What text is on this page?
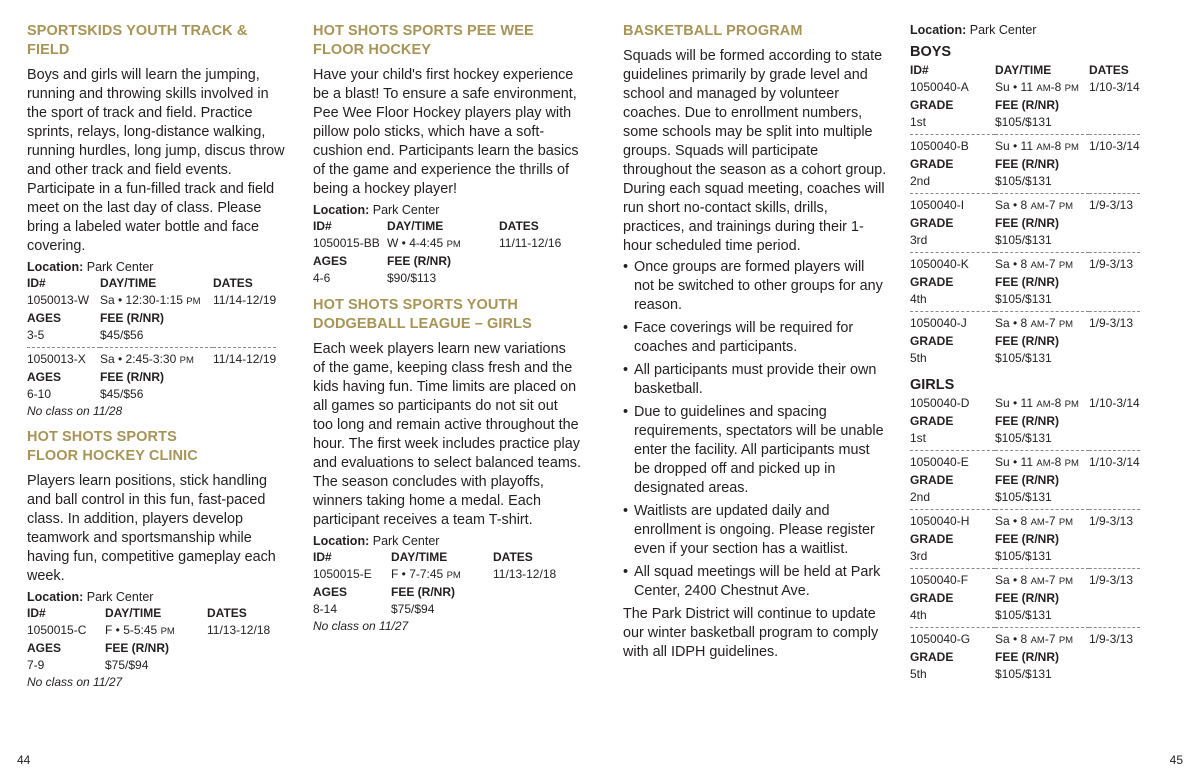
SPORTSKIDS YOUTH TRACK & FIELD

Boys and girls will learn the jumping, running and throwing skills involved in the sport of track and field. Practice sprints, relays, long-distance walking, running hurdles, long jump, discus throw and other track and field events. Participate in a fun-filled track and field meet on the last day of class. Please bring a labeled water bottle and face covering.

Location: Park Center
ID#	DAY/TIME	DATES
1050013-W	Sa • 12:30-1:15 PM	11/14-12/19
AGES	FEE (R/NR)	
3-5	$45/$56	

1050013-X	Sa • 2:45-3:30 PM	11/14-12/19
AGES	FEE (R/NR)	
6-10	$45/$56	
No class on 11/28
HOT SHOTS SPORTS
FLOOR HOCKEY CLINIC

Players learn positions, stick handling and ball control in this fun, fast-paced class. In addition, players develop teamwork and sportsmanship while having fun, competitive gameplay each week.

Location: Park Center
ID#	DAY/TIME	DATES
1050015-C	F • 5-5:45 PM	11/13-12/18
AGES	FEE (R/NR)	
7-9	$75/$94	
No class on 11/27
HOT SHOTS SPORTS PEE WEE
FLOOR HOCKEY

Have your child's first hockey experience be a blast! To ensure a safe environment, Pee Wee Floor Hockey players play with pillow polo sticks, which have a soft-cushion end. Participants learn the basics of the game and experience the thrills of being a hockey player!

Location: Park Center
ID#	DAY/TIME	DATES
1050015-BB	W • 4-4:45 PM	11/11-12/16
AGES	FEE (R/NR)	
4-6	$90/$113	
HOT SHOTS SPORTS YOUTH
DODGEBALL LEAGUE – GIRLS

Each week players learn new variations of the game, keeping class fresh and the kids having fun. Time limits are placed on all games so participants do not sit out too long and remain active throughout the hour. The first week includes practice play and evaluations to select balanced teams. The season concludes with playoffs, winners taking home a medal. Each participant receives a team T-shirt.

Location: Park Center
ID#	DAY/TIME	DATES
1050015-E	F • 7-7:45 PM	11/13-12/18
AGES	FEE (R/NR)	
8-14	$75/$94	
No class on 11/27
BASKETBALL PROGRAM

Squads will be formed according to state guidelines primarily by grade level and school and managed by volunteer coaches. Due to enrollment numbers, some schools may be split into multiple groups. Squads will participate throughout the season as a cohort group. During each squad meeting, coaches will run short no-contact skills, drills, practices, and trainings during their 1-hour scheduled time period.

• Once groups are formed players will not be switched to other groups for any reason.
• Face coverings will be required for coaches and participants.
• All participants must provide their own basketball.
• Due to guidelines and spacing requirements, spectators will be unable enter the facility. All participants must be dropped off and picked up in designated areas.
• Waitlists are updated daily and enrollment is ongoing. Please register even if your section has a waitlist.
• All squad meetings will be held at Park Center, 2400 Chestnut Ave.

The Park District will continue to update our winter basketball program to comply with all IDPH guidelines.

Location: Park Center
BOYS
ID#	DAY/TIME	DATES
1050040-A	Su • 11 AM-8 PM	1/10-3/14
GRADE	FEE (R/NR)	
1st	$105/$131	

1050040-B	Su • 11 AM-8 PM	1/10-3/14
GRADE	FEE (R/NR)	
2nd	$105/$131	

1050040-I	Sa • 8 AM-7 PM	1/9-3/13
GRADE	FEE (R/NR)	
3rd	$105/$131	

1050040-K	Sa • 8 AM-7 PM	1/9-3/13
GRADE	FEE (R/NR)	
4th	$105/$131	

1050040-J	Sa • 8 AM-7 PM	1/9-3/13
GRADE	FEE (R/NR)	
5th	$105/$131	
GIRLS
1050040-D	Su • 11 AM-8 PM	1/10-3/14
GRADE	FEE (R/NR)	
1st	$105/$131	

1050040-E	Su • 11 AM-8 PM	1/10-3/14
GRADE	FEE (R/NR)	
2nd	$105/$131	

1050040-H	Sa • 8 AM-7 PM	1/9-3/13
GRADE	FEE (R/NR)	
3rd	$105/$131	

1050040-F	Sa • 8 AM-7 PM	1/9-3/13
GRADE	FEE (R/NR)	
4th	$105/$131	

1050040-G	Sa • 8 AM-7 PM	1/9-3/13
GRADE	FEE (R/NR)	
5th	$105/$131	
44	45
